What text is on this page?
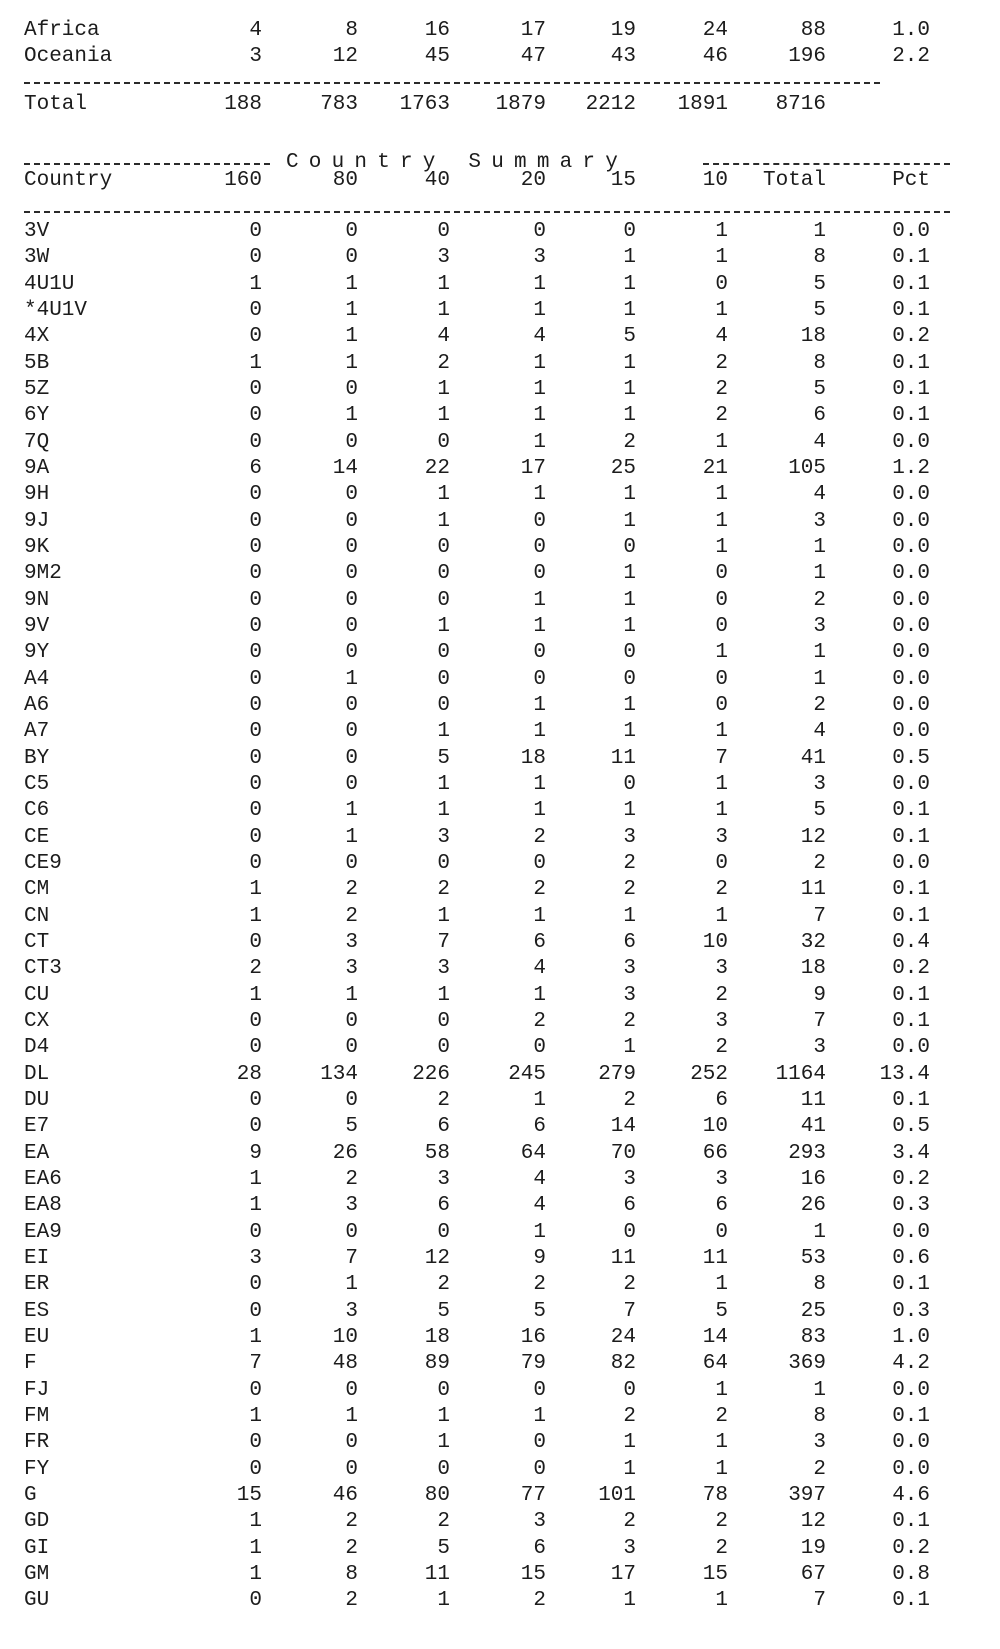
Africa	4	8	16	17	19	24	88	1.0
Oceania	3	12	45	47	43	46	196	2.2
Total	188	783	1763	1879	2212	1891	8716
Country Summary
Country	160	80	40	20	15	10	Total	Pct
3V	0	0	0	0	0	1	1	0.0
3W	0	0	3	3	1	1	8	0.1
4U1U	1	1	1	1	1	0	5	0.1
*4U1V	0	1	1	1	1	1	5	0.1
4X	0	1	4	4	5	4	18	0.2
5B	1	1	2	1	1	2	8	0.1
5Z	0	0	1	1	1	2	5	0.1
6Y	0	1	1	1	1	2	6	0.1
7Q	0	0	0	1	2	1	4	0.0
9A	6	14	22	17	25	21	105	1.2
9H	0	0	1	1	1	1	4	0.0
9J	0	0	1	0	1	1	3	0.0
9K	0	0	0	0	0	1	1	0.0
9M2	0	0	0	0	1	0	1	0.0
9N	0	0	0	1	1	0	2	0.0
9V	0	0	1	1	1	0	3	0.0
9Y	0	0	0	0	0	1	1	0.0
A4	0	1	0	0	0	0	1	0.0
A6	0	0	0	1	1	0	2	0.0
A7	0	0	1	1	1	1	4	0.0
BY	0	0	5	18	11	7	41	0.5
C5	0	0	1	1	0	1	3	0.0
C6	0	1	1	1	1	1	5	0.1
CE	0	1	3	2	3	3	12	0.1
CE9	0	0	0	0	2	0	2	0.0
CM	1	2	2	2	2	2	11	0.1
CN	1	2	1	1	1	1	7	0.1
CT	0	3	7	6	6	10	32	0.4
CT3	2	3	3	4	3	3	18	0.2
CU	1	1	1	1	3	2	9	0.1
CX	0	0	0	2	2	3	7	0.1
D4	0	0	0	0	1	2	3	0.0
DL	28	134	226	245	279	252	1164	13.4
DU	0	0	2	1	2	6	11	0.1
E7	0	5	6	6	14	10	41	0.5
EA	9	26	58	64	70	66	293	3.4
EA6	1	2	3	4	3	3	16	0.2
EA8	1	3	6	4	6	6	26	0.3
EA9	0	0	0	1	0	0	1	0.0
EI	3	7	12	9	11	11	53	0.6
ER	0	1	2	2	2	1	8	0.1
ES	0	3	5	5	7	5	25	0.3
EU	1	10	18	16	24	14	83	1.0
F	7	48	89	79	82	64	369	4.2
FJ	0	0	0	0	0	1	1	0.0
FM	1	1	1	1	2	2	8	0.1
FR	0	0	1	0	1	1	3	0.0
FY	0	0	0	0	1	1	2	0.0
G	15	46	80	77	101	78	397	4.6
GD	1	2	2	3	2	2	12	0.1
GI	1	2	5	6	3	2	19	0.2
GM	1	8	11	15	17	15	67	0.8
GU	0	2	1	2	1	1	7	0.1
